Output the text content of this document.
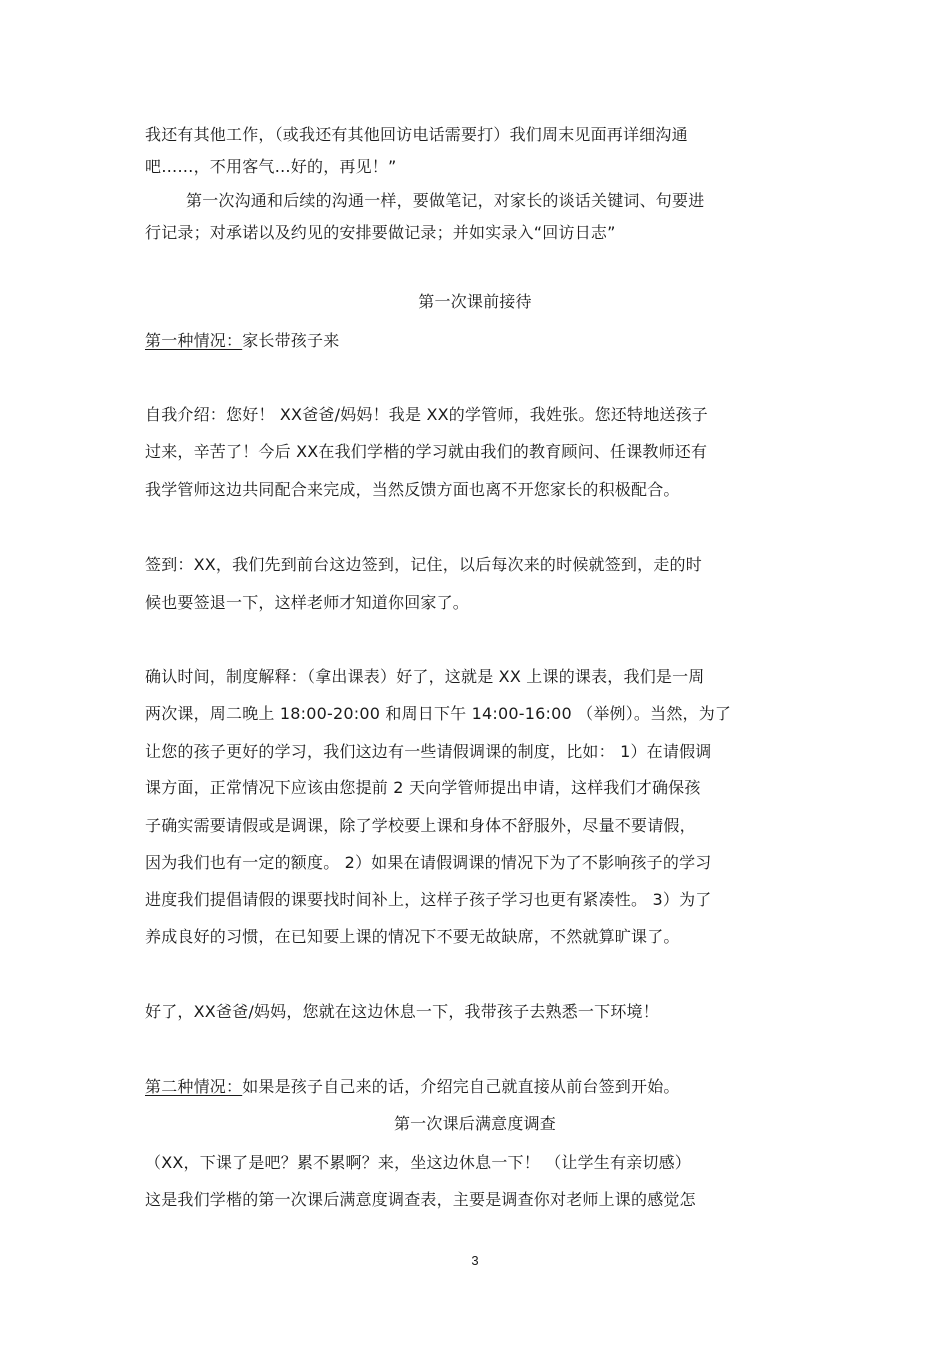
我还有其他工作，（或我还有其他回访电话需要打）我们周末见面再详细沟通
吧……，不用客气…好的，再见！”
第一次沟通和后续的沟通一样，要做笔记，对家长的谈话关键词、句要进
行记录；对承诺以及约见的安排要做记录；并如实录入“回访日志”
第一次课前接待
第一种情况：家长带孩子来
自我介绍：您好！ XX爸爸/妈妈！我是 XX的学管师，我姓张。您还特地送孩子
过来，辛苦了！今后 XX在我们学楷的学习就由我们的教育顾问、任课教师还有
我学管师这边共同配合来完成，当然反馈方面也离不开您家长的积极配合。
签到：XX，我们先到前台这边签到，记住，以后每次来的时候就签到，走的时
候也要签退一下，这样老师才知道你回家了。
确认时间，制度解释：（拿出课表）好了，这就是 XX 上课的课表，我们是一周
两次课，周二晚上 18:00-20:00 和周日下午 14:00-16:00 （举例）。当然，为了
让您的孩子更好的学习，我们这边有一些请假调课的制度，比如： 1）在请假调
课方面，正常情况下应该由您提前 2 天向学管师提出申请，这样我们才确保孩
子确实需要请假或是调课，除了学校要上课和身体不舒服外，尽量不要请假，
因为我们也有一定的额度。 2）如果在请假调课的情况下为了不影响孩子的学习
进度我们提倡请假的课要找时间补上，这样子孩子学习也更有紧凑性。 3）为了
养成良好的习惯，在已知要上课的情况下不要无故缺席，不然就算旷课了。
好了，XX爸爸/妈妈，您就在这边休息一下，我带孩子去熟悉一下环境！
第二种情况：如果是孩子自己来的话，介绍完自己就直接从前台签到开始。
第一次课后满意度调查
（XX，下课了是吧？累不累啊？来，坐这边休息一下！ （让学生有亲切感）
这是我们学楷的第一次课后满意度调查表，主要是调查你对老师上课的感觉怎
3
